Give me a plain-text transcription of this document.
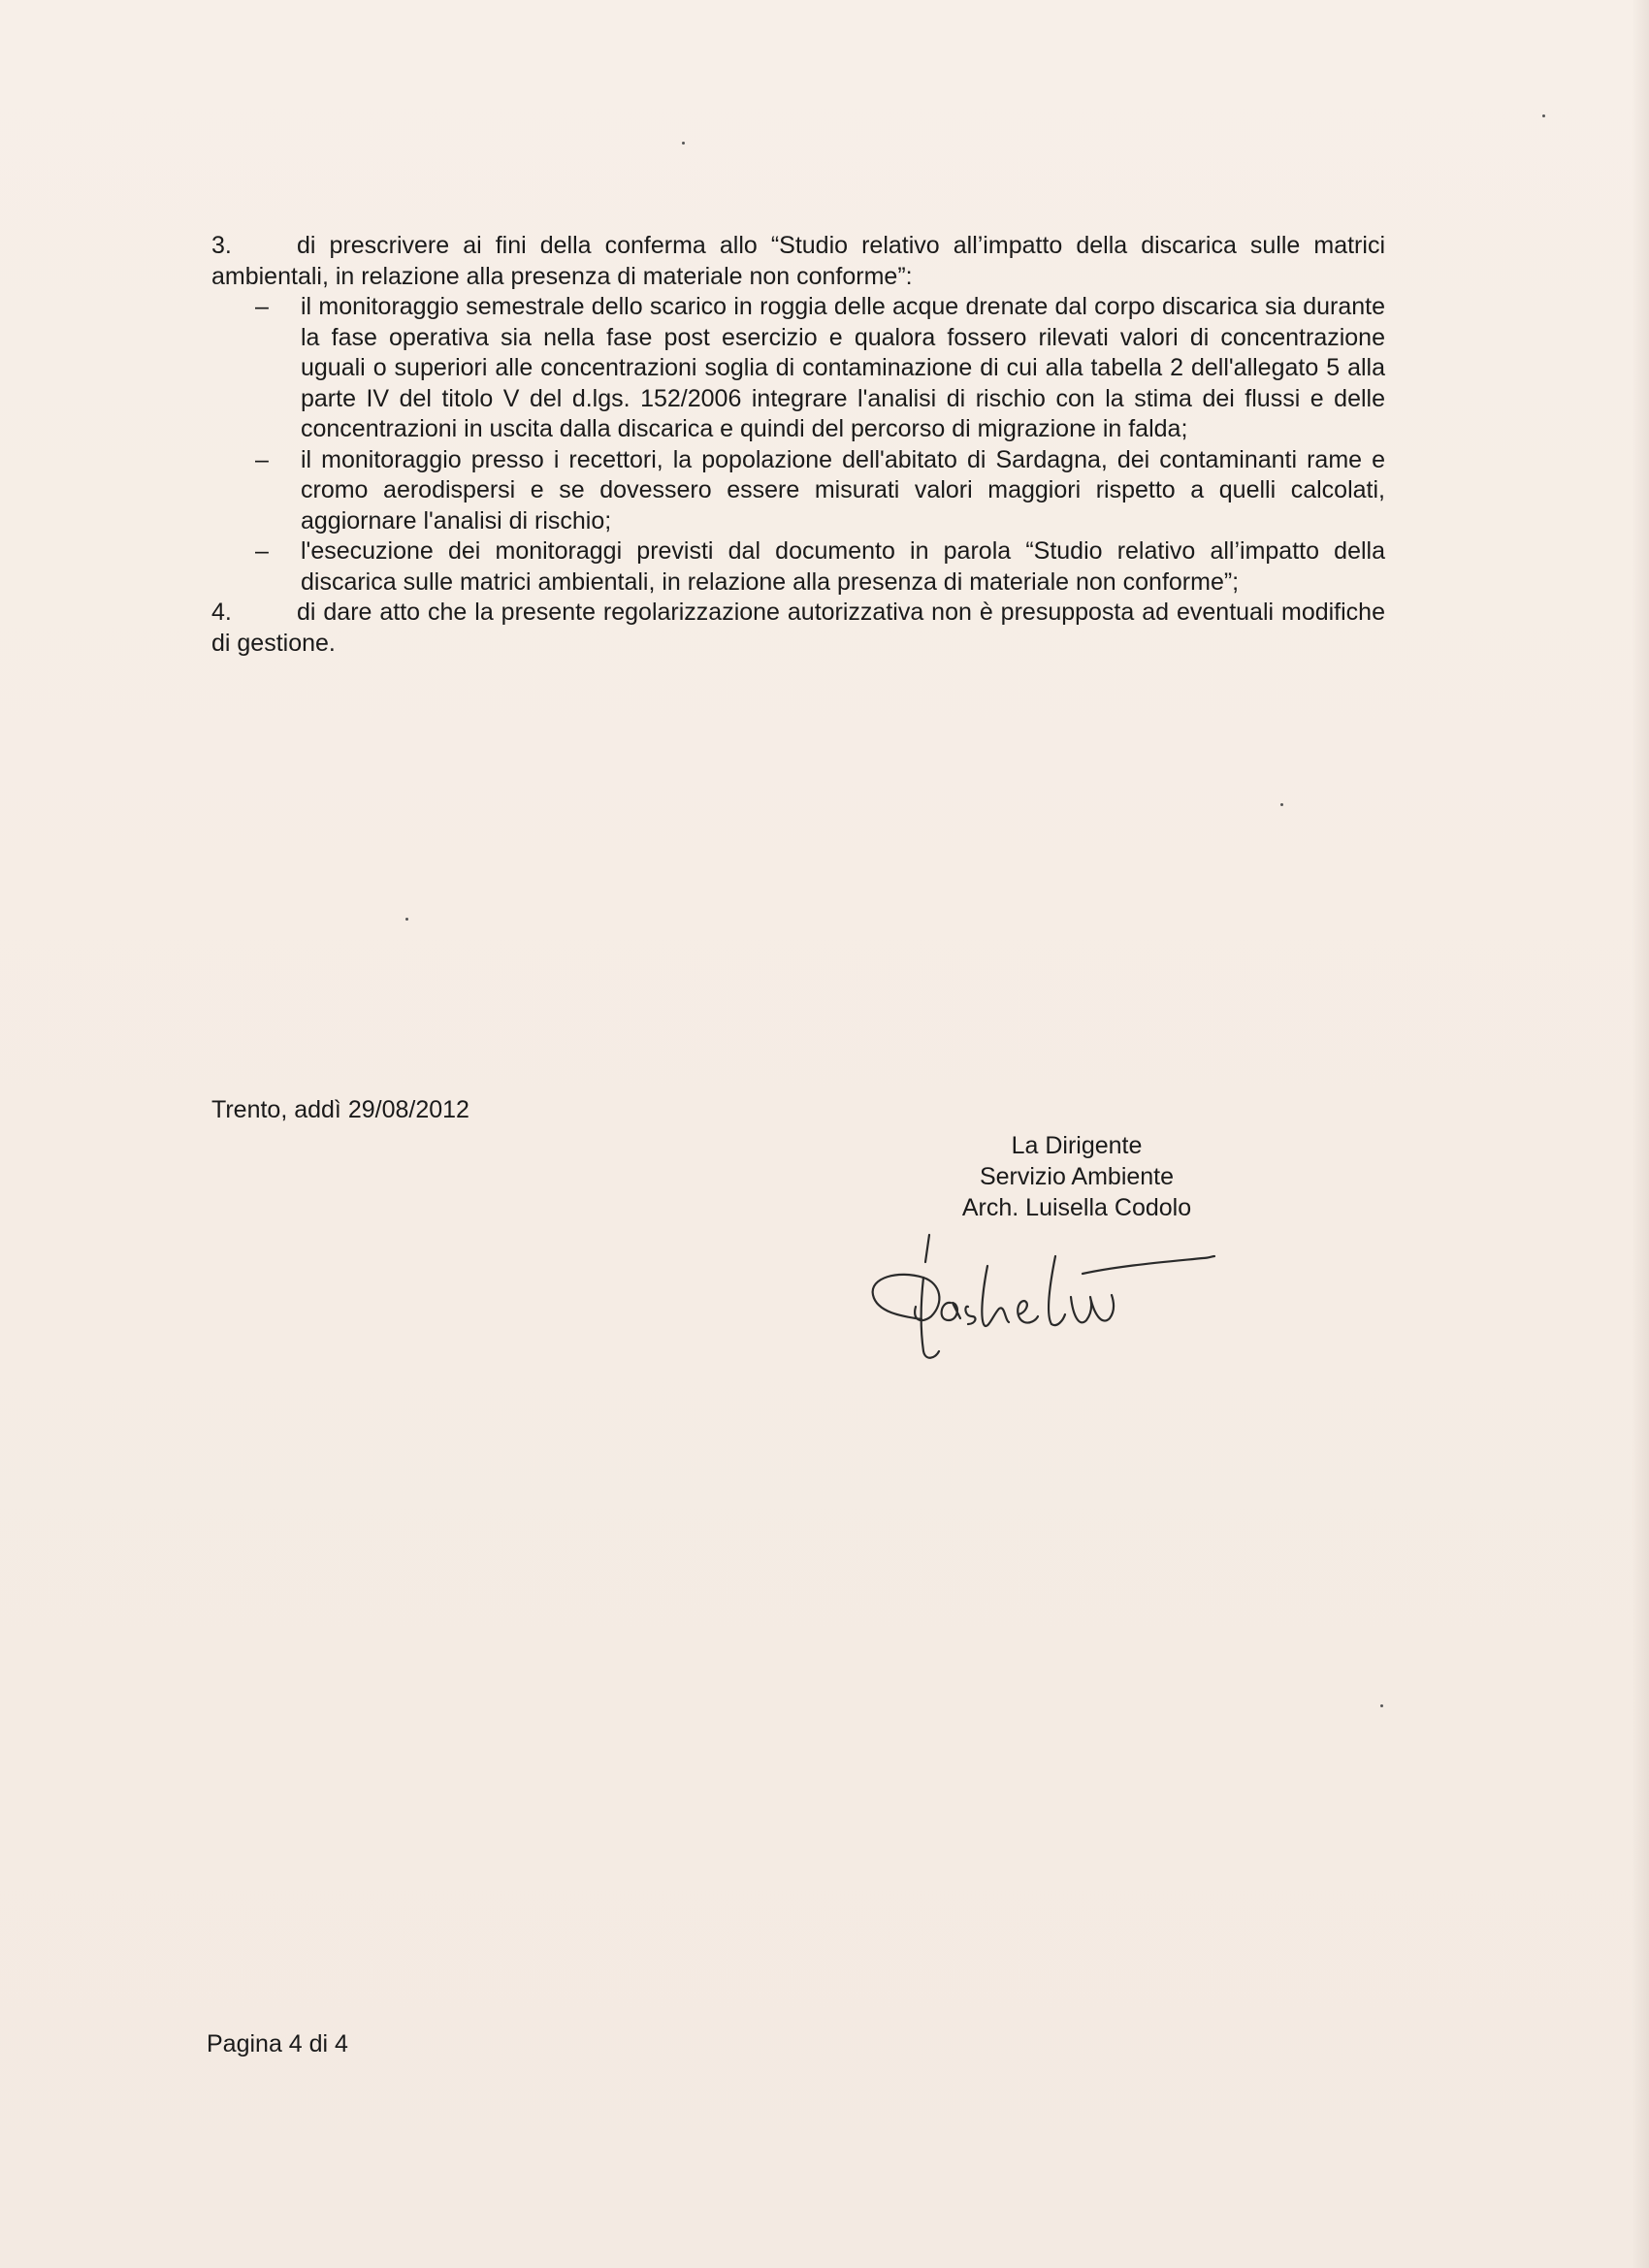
3.	di prescrivere ai fini della conferma allo “Studio relativo all’impatto della discarica sulle matrici ambientali, in relazione alla presenza di materiale non conforme”:

– il monitoraggio semestrale dello scarico in roggia delle acque drenate dal corpo discarica sia durante la fase operativa sia nella fase post esercizio e qualora fossero rilevati valori di concentrazione uguali o superiori alle concentrazioni soglia di contaminazione di cui alla tabella 2 dell'allegato 5 alla parte IV del titolo V del d.lgs. 152/2006 integrare l'analisi di rischio con la stima dei flussi e delle concentrazioni in uscita dalla discarica e quindi del percorso di migrazione in falda;

– il monitoraggio presso i recettori, la popolazione dell'abitato di Sardagna, dei contaminanti rame e cromo aerodispersi e se dovessero essere misurati valori maggiori rispetto a quelli calcolati, aggiornare l'analisi di rischio;

– l'esecuzione dei monitoraggi previsti dal documento in parola “Studio relativo all’impatto della discarica sulle matrici ambientali, in relazione alla presenza di materiale non conforme”;

4.	di dare atto che la presente regolarizzazione autorizzativa non è presupposta ad eventuali modifiche di gestione.

Trento, addì 29/08/2012
La Dirigente
Servizio Ambiente
Arch. Luisella Codolo
Pagina 4 di 4
